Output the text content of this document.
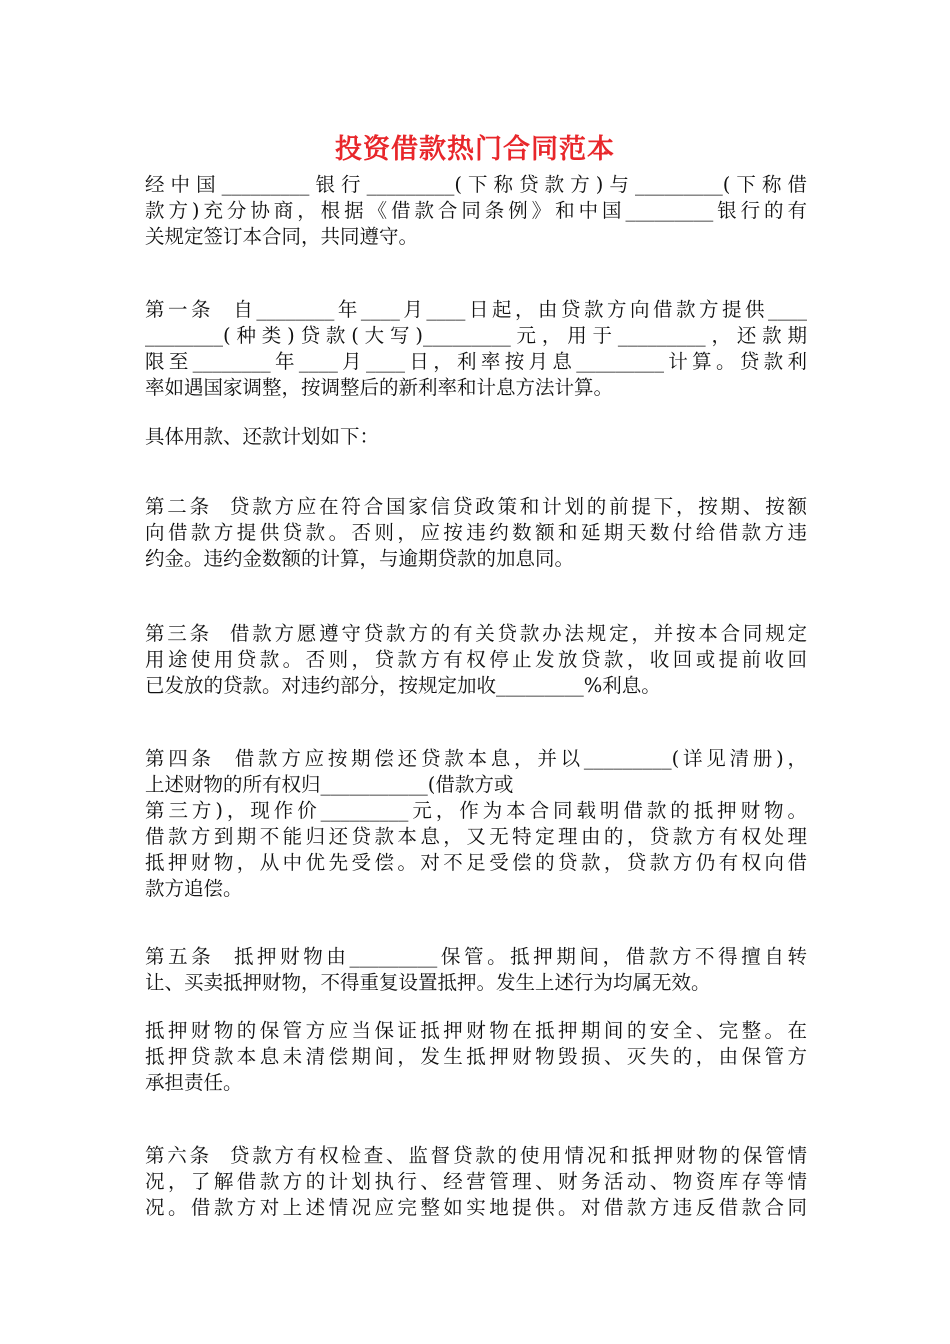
投资借款热门合同范本
经中国_________银行_________(下称贷款方)与_________(下称借
款方)充分协商，根据《借款合同条例》和中国_________银行的有
关规定签订本合同，共同遵守。
第一条  自________年____月____日起，由贷款方向借款方提供____
________(种类)贷款(大写)_________元，用于_________，还款期
限至________年____月____日，利率按月息_________计算。贷款利
率如遇国家调整，按调整后的新利率和计息方法计算。
具体用款、还款计划如下：
第二条  贷款方应在符合国家信贷政策和计划的前提下，按期、按额
向借款方提供贷款。否则，应按违约数额和延期天数付给借款方违
约金。违约金数额的计算，与逾期贷款的加息同。
第三条  借款方愿遵守贷款方的有关贷款办法规定，并按本合同规定
用途使用贷款。否则，贷款方有权停止发放贷款，收回或提前收回
已发放的贷款。对违约部分，按规定加收_________%利息。
第四条  借款方应按期偿还贷款本息，并以_________(详见清册)，
上述财物的所有权归___________(借款方或
第三方)，现作价_________元，作为本合同载明借款的抵押财物。
借款方到期不能归还贷款本息，又无特定理由的，贷款方有权处理
抵押财物，从中优先受偿。对不足受偿的贷款，贷款方仍有权向借
款方追偿。
第五条  抵押财物由_________保管。抵押期间，借款方不得擅自转
让、买卖抵押财物，不得重复设置抵押。发生上述行为均属无效。
抵押财物的保管方应当保证抵押财物在抵押期间的安全、完整。在
抵押贷款本息未清偿期间，发生抵押财物毁损、灭失的，由保管方
承担责任。
第六条  贷款方有权检查、监督贷款的使用情况和抵押财物的保管情
况，了解借款方的计划执行、经营管理、财务活动、物资库存等情
况。借款方对上述情况应完整如实地提供。对借款方违反借款合同
